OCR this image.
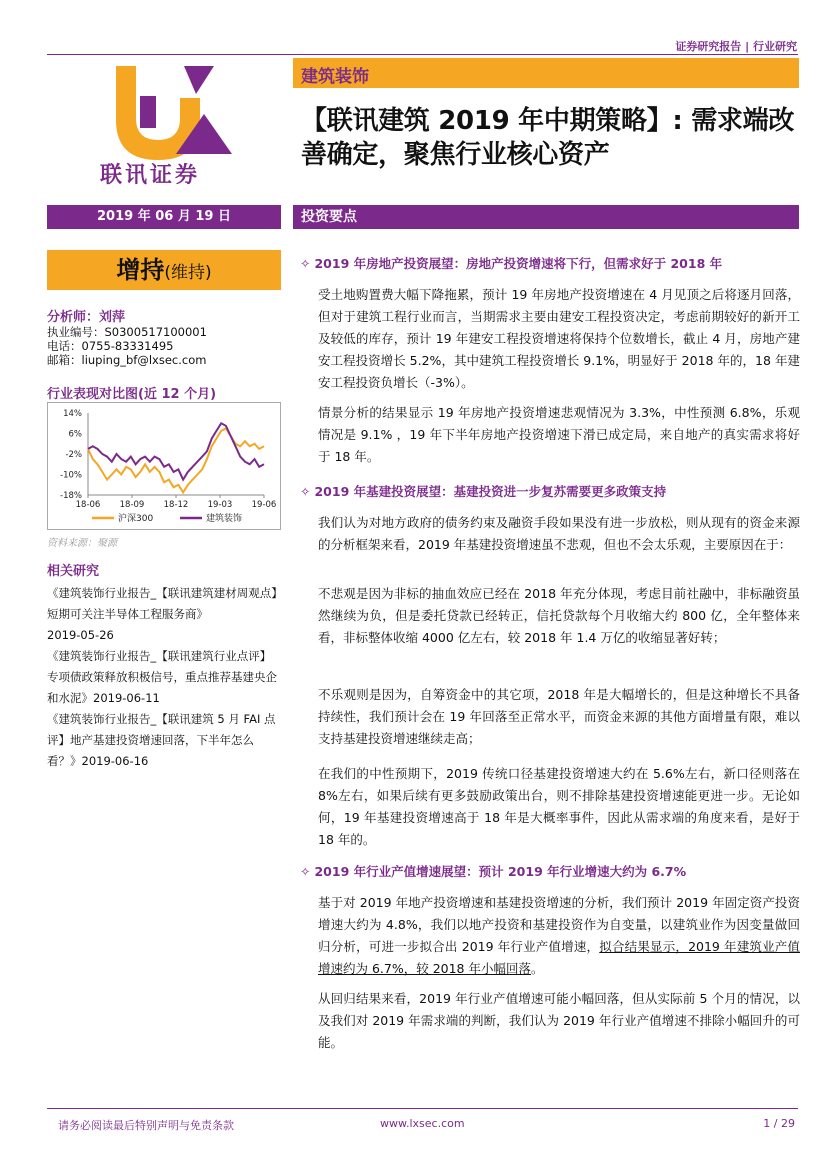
证券研究报告 | 行业研究
联讯证券
建筑装饰
【联讯建筑 2019 年中期策略】: 需求端改善确定，聚焦行业核心资产
2019 年 06 月 19 日	投资要点
增持(维持)
分析师：刘萍
执业编号：S0300517100001
电话：0755-83331495
邮箱：liuping_bf@lxsec.com
行业表现对比图(近 12 个月)
14%
6%
-2%
-10%
-18%
18-06 18-09 18-12 19-03 19-06
沪深300	建筑装饰
资料来源：聚源
相关研究
《建筑装饰行业报告_【联讯建筑建材周观点】短期可关注半导体工程服务商》
2019-05-26
《建筑装饰行业报告_【联讯建筑行业点评】专项债政策释放积极信号，重点推荐基建央企和水泥》2019-06-11
《建筑装饰行业报告_【联讯建筑 5 月 FAI 点评】地产基建投资增速回落，下半年怎么看？》2019-06-16
✧ 2019 年房地产投资展望：房地产投资增速将下行，但需求好于 2018 年
受土地购置费大幅下降拖累，预计 19 年房地产投资增速在 4 月见顶之后将逐月回落，但对于建筑工程行业而言，当期需求主要由建安工程投资决定，考虑前期较好的新开工及较低的库存，预计 19 年建安工程投资增速将保持个位数增长，截止 4 月，房地产建安工程投资增长 5.2%，其中建筑工程投资增长 9.1%，明显好于 2018 年的，18 年建安工程投资负增长（-3%）。
情景分析的结果显示 19 年房地产投资增速悲观情况为 3.3%，中性预测 6.8%，乐观情况是 9.1% ，19 年下半年房地产投资增速下滑已成定局，来自地产的真实需求将好于 18 年。
✧ 2019 年基建投资展望：基建投资进一步复苏需要更多政策支持
我们认为对地方政府的债务约束及融资手段如果没有进一步放松，则从现有的资金来源的分析框架来看，2019 年基建投资增速虽不悲观，但也不会太乐观，主要原因在于：
不悲观是因为非标的抽血效应已经在 2018 年充分体现，考虑目前社融中，非标融资虽然继续为负，但是委托贷款已经转正，信托贷款每个月收缩大约 800 亿，全年整体来看，非标整体收缩 4000 亿左右，较 2018 年 1.4 万亿的收缩显著好转；
不乐观则是因为，自筹资金中的其它项，2018 年是大幅增长的，但是这种增长不具备持续性，我们预计会在 19 年回落至正常水平，而资金来源的其他方面增量有限，难以支持基建投资增速继续走高；
在我们的中性预期下，2019 传统口径基建投资增速大约在 5.6%左右，新口径则落在 8%左右，如果后续有更多鼓励政策出台，则不排除基建投资增速能更进一步。无论如何，19 年基建投资增速高于 18 年是大概率事件，因此从需求端的角度来看，是好于 18 年的。
✧ 2019 年行业产值增速展望：预计 2019 年行业增速大约为 6.7%
基于对 2019 年地产投资增速和基建投资增速的分析，我们预计 2019 年固定资产投资增速大约为 4.8%，我们以地产投资和基建投资作为自变量，以建筑业作为因变量做回归分析，可进一步拟合出 2019 年行业产值增速，拟合结果显示，2019 年建筑业产值增速约为 6.7%，较 2018 年小幅回落。
从回归结果来看，2019 年行业产值增速可能小幅回落，但从实际前 5 个月的情况，以及我们对 2019 年需求端的判断，我们认为 2019 年行业产值增速不排除小幅回升的可能。
请务必阅读最后特别声明与免责条款	www.lxsec.com	1 / 29
